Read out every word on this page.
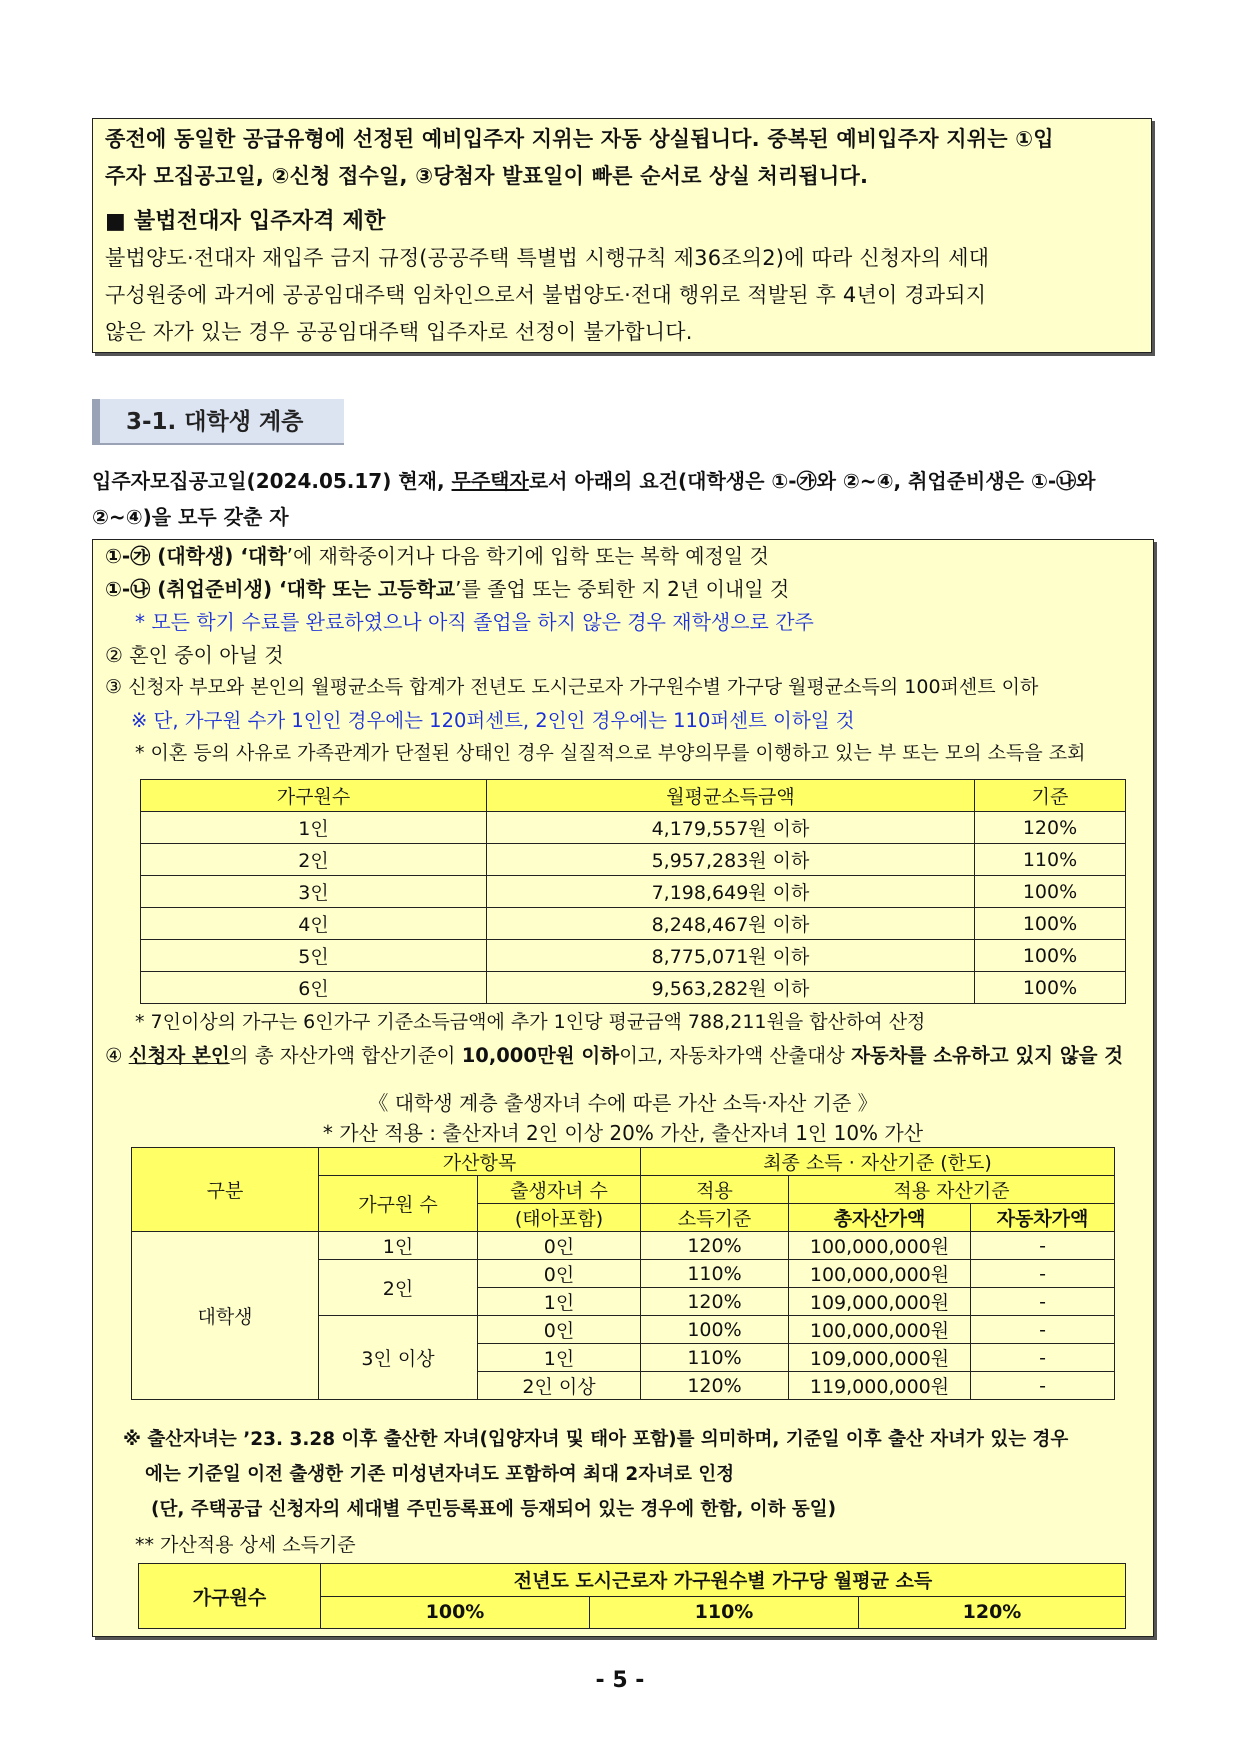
종전에 동일한 공급유형에 선정된 예비입주자 지위는 자동 상실됩니다. 중복된 예비입주자 지위는 ①입

주자 모집공고일, ②신청 접수일, ③당첨자 발표일이 빠른 순서로 상실 처리됩니다.

■ 불법전대자 입주자격 제한

불법양도·전대자 재입주 금지 규정(공공주택 특별법 시행규칙 제36조의2)에 따라 신청자의 세대

구성원중에 과거에 공공임대주택 임차인으로서 불법양도·전대 행위로 적발된 후 4년이 경과되지

않은 자가 있는 경우 공공임대주택 입주자로 선정이 불가합니다.

3-1. 대학생 계층
입주자모집공고일(2024.05.17) 현재, 무주택자로서 아래의 요건(대학생은 ①-㉮와 ②~④, 취업준비생은 ①-㉯와
②~④)을 모두 갖춘 자
①-㉮ (대학생) ‘대학’에 재학중이거나 다음 학기에 입학 또는 복학 예정일 것
①-㉯ (취업준비생) ‘대학 또는 고등학교’를 졸업 또는 중퇴한 지 2년 이내일 것
* 모든 학기 수료를 완료하였으나 아직 졸업을 하지 않은 경우 재학생으로 간주
② 혼인 중이 아닐 것
③ 신청자 부모와 본인의 월평균소득 합계가 전년도 도시근로자 가구원수별 가구당 월평균소득의 100퍼센트 이하
※ 단, 가구원 수가 1인인 경우에는 120퍼센트, 2인인 경우에는 110퍼센트 이하일 것
* 이혼 등의 사유로 가족관계가 단절된 상태인 경우 실질적으로 부양의무를 이행하고 있는 부 또는 모의 소득을 조회
가구원수	월평균소득금액	기준
1인	4,179,557원 이하	120%
2인	5,957,283원 이하	110%
3인	7,198,649원 이하	100%
4인	8,248,467원 이하	100%
5인	8,775,071원 이하	100%
6인	9,563,282원 이하	100%
* 7인이상의 가구는 6인가구 기준소득금액에 추가 1인당 평균금액 788,211원을 합산하여 산정
④ 신청자 본인의 총 자산가액 합산기준이 10,000만원 이하이고, 자동차가액 산출대상 자동차를 소유하고 있지 않을 것
《 대학생 계층 출생자녀 수에 따른 가산 소득·자산 기준 》
* 가산 적용 : 출산자녀 2인 이상 20% 가산, 출산자녀 1인 10% 가산
구분	가산항목		최종 소득 · 자산기준 (한도)		
	가구원 수	출생자녀 수	적용	적용 자산기준	
		(태아포함)	소득기준	총자산가액	자동차가액
대학생	1인	0인	120%	100,000,000원	-
	2인	0인	110%	100,000,000원	-
		1인	120%	109,000,000원	-
	3인 이상	0인	100%	100,000,000원	-
		1인	110%	109,000,000원	-
		2인 이상	120%	119,000,000원	-
※ 출산자녀는 ’23. 3.28 이후 출산한 자녀(입양자녀 및 태아 포함)를 의미하며, 기준일 이후 출산 자녀가 있는 경우
에는 기준일 이전 출생한 기존 미성년자녀도 포함하여 최대 2자녀로 인정
(단, 주택공급 신청자의 세대별 주민등록표에 등재되어 있는 경우에 한함, 이하 동일)
** 가산적용 상세 소득기준
가구원수	전년도 도시근로자 가구원수별 가구당 월평균 소득		
	100%	110%	120%
- 5 -
